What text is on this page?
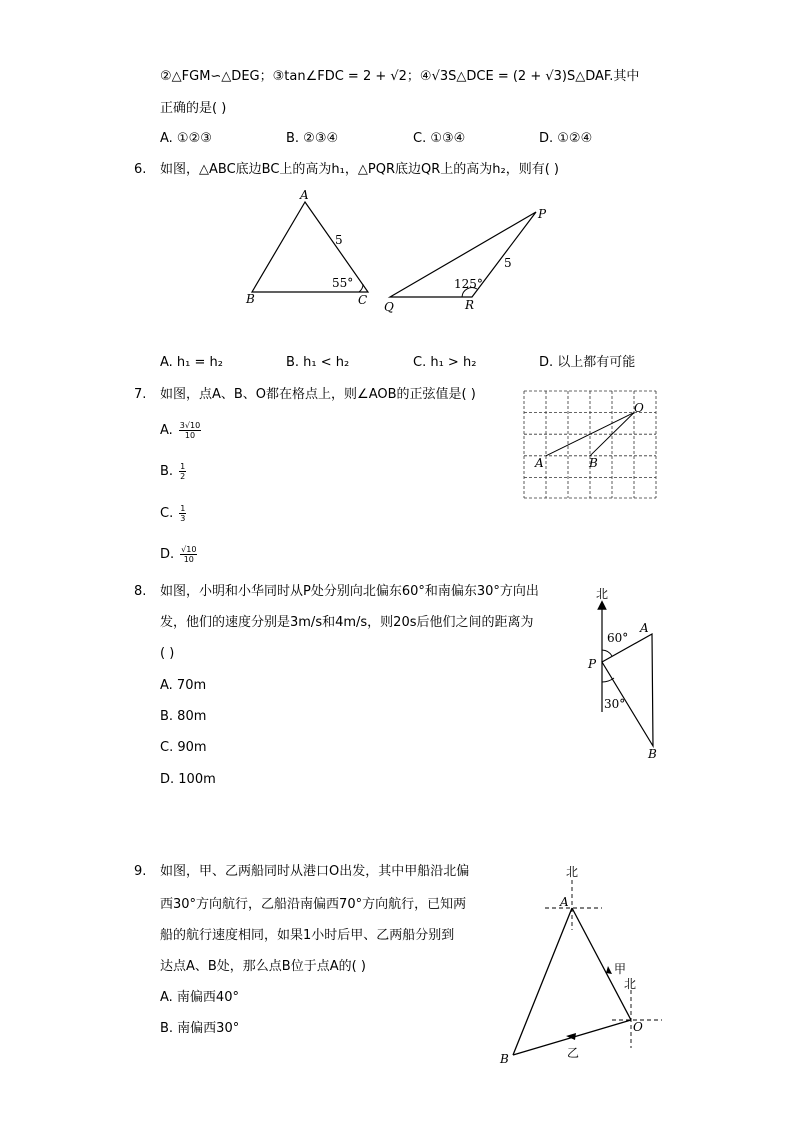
②△FGM∽△DEG；③tan∠FDC = 2 + √2；④√3S△DCE = (2 + √3)S△DAF.其中
正确的是( )
A. ①②③	B. ②③④	C. ①③④	D. ①②④
6. 如图，△ABC底边BC上的高为h₁，△PQR底边QR上的高为h₂，则有( )
A
B	C
5
55°
P
Q	R
5
125°
A. h₁ = h₂	B. h₁ < h₂	C. h₁ > h₂	D. 以上都有可能
7. 如图，点A、B、O都在格点上，则∠AOB的正弦值是( )
A. $\frac{3√10}{10}$
B. $\frac{1}{2}$
C. $\frac{1}{3}$
D. $\frac{√10}{10}$
A	B
O
8. 如图，小明和小华同时从P处分别向北偏东60°和南偏东30°方向出
发，他们的速度分别是3m/s和4m/s，则20s后他们之间的距离为
( )
A. 70m
B. 80m
C. 90m
D. 100m
北
60°
30°
A
P
B
9. 如图，甲、乙两船同时从港口O出发，其中甲船沿北偏
西30°方向航行，乙船沿南偏西70°方向航行，已知两
船的航行速度相同，如果1小时后甲、乙两船分别到
达点A、B处，那么点B位于点A的( )
A. 南偏西40°
B. 南偏西30°
北
北
A
O
B
甲
乙
